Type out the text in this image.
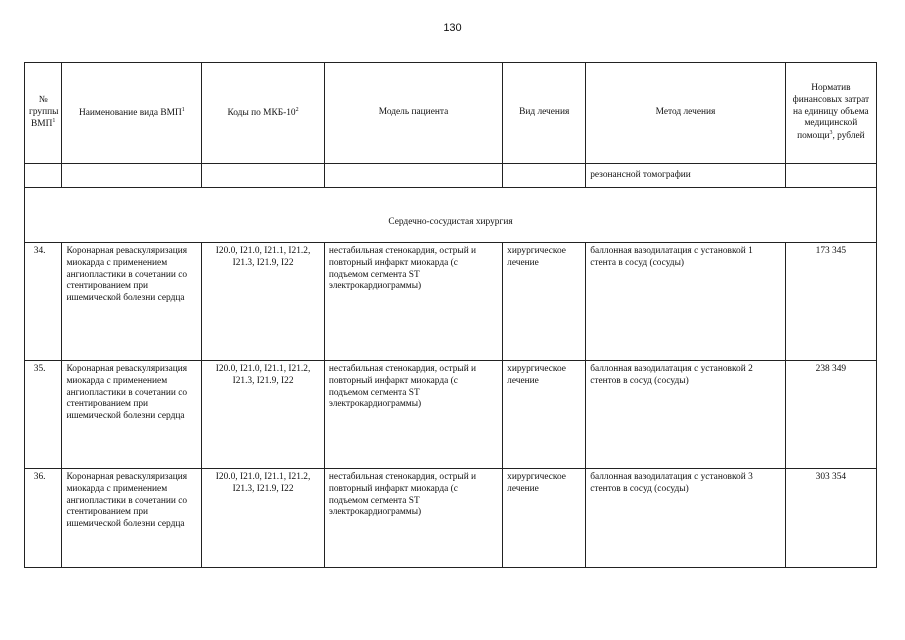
130
№ группы ВМП$^1$	Наименование вида ВМП$^1$	Коды по МКБ-$10^2$	Модель пациента	Вид лечения	Метод лечения	Норматив финансовых затрат на единицу объема медицинской помощи$^3$, рублей
					резонансной томографии	
Сердечно-сосудистая хирургия						
34.	Коронарная реваскуляризация миокарда с применением ангиопластики в сочетании со стентированием при ишемической болезни сердца	I20.0, I21.0, I21.1, I21.2, I21.3, I21.9, I22	нестабильная стенокардия, острый и повторный инфаркт миокарда (с подъемом сегмента ST электрокардиограммы)	хирургическое лечение	баллонная вазодилатация с установкой 1 стента в сосуд (сосуды)	173 345
35.	Коронарная реваскуляризация миокарда с применением ангиопластики в сочетании со стентированием при ишемической болезни сердца	I20.0, I21.0, I21.1, I21.2, I21.3, I21.9, I22	нестабильная стенокардия, острый и повторный инфаркт миокарда (с подъемом сегмента ST электрокардиограммы)	хирургическое лечение	баллонная вазодилатация с установкой 2 стентов в сосуд (сосуды)	238 349
36.	Коронарная реваскуляризация миокарда с применением ангиопластики в сочетании со стентированием при ишемической болезни сердца	I20.0, I21.0, I21.1, I21.2, I21.3, I21.9, I22	нестабильная стенокардия, острый и повторный инфаркт миокарда (с подъемом сегмента ST электрокардиограммы)	хирургическое лечение	баллонная вазодилатация с установкой 3 стентов в сосуд (сосуды)	303 354
